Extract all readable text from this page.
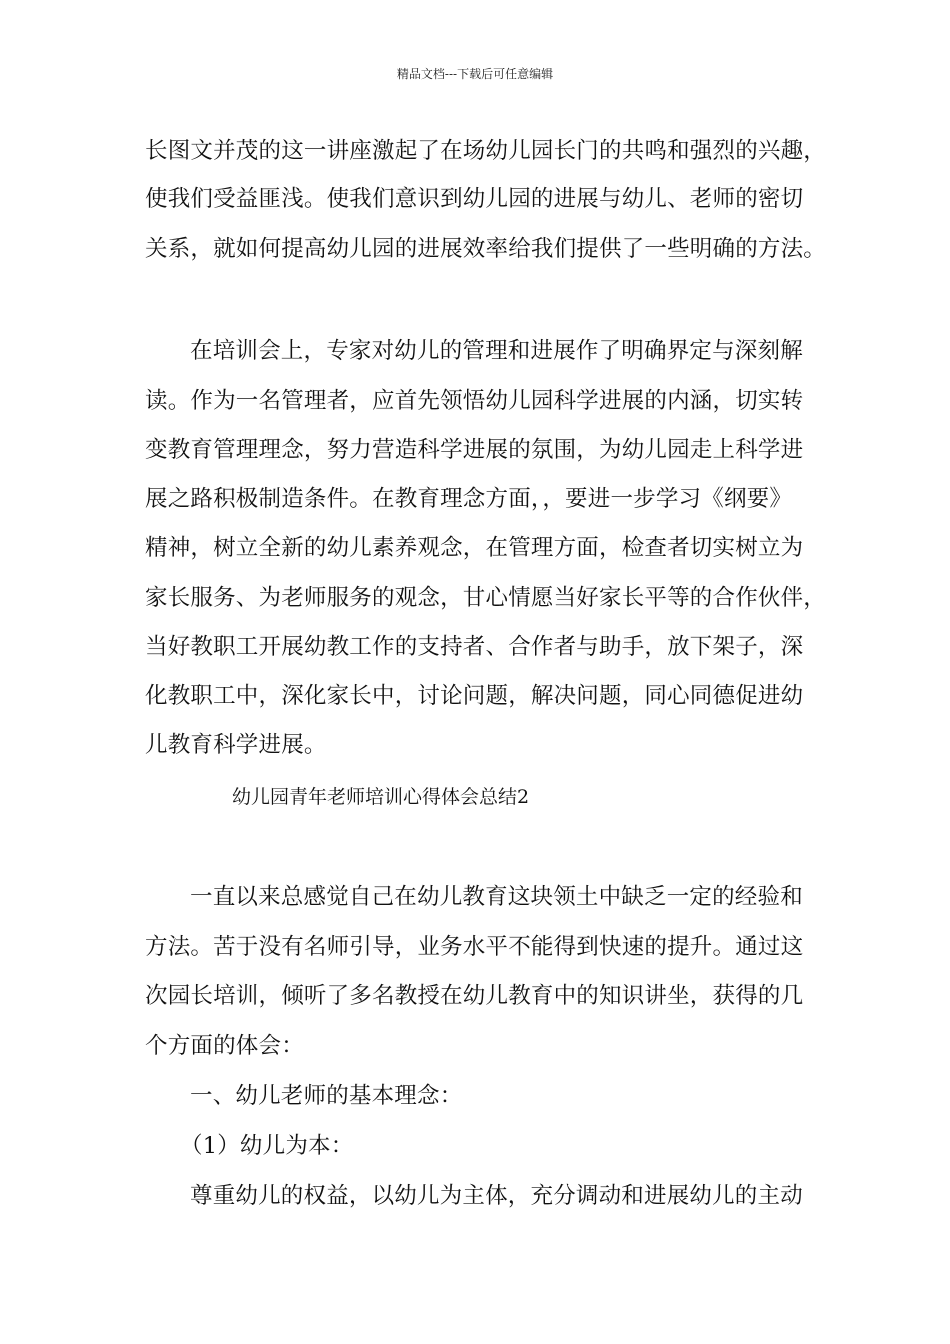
精品文档---下载后可任意编辑
长图文并茂的这一讲座激起了在场幼儿园长门的共鸣和强烈的兴趣，
使我们受益匪浅。使我们意识到幼儿园的进展与幼儿、老师的密切
关系，就如何提高幼儿园的进展效率给我们提供了一些明确的方法。
在培训会上，专家对幼儿的管理和进展作了明确界定与深刻解
读。作为一名管理者，应首先领悟幼儿园科学进展的内涵，切实转
变教育管理理念，努力营造科学进展的氛围，为幼儿园走上科学进
展之路积极制造条件。在教育理念方面，，要进一步学习《纲要》
精神，树立全新的幼儿素养观念，在管理方面，检查者切实树立为
家长服务、为老师服务的观念，甘心情愿当好家长平等的合作伙伴，
当好教职工开展幼教工作的支持者、合作者与助手，放下架子，深
化教职工中，深化家长中，讨论问题，解决问题，同心同德促进幼
儿教育科学进展。
幼儿园青年老师培训心得体会总结2
一直以来总感觉自己在幼儿教育这块领土中缺乏一定的经验和
方法。苦于没有名师引导，业务水平不能得到快速的提升。通过这
次园长培训，倾听了多名教授在幼儿教育中的知识讲坐，获得的几
个方面的体会：
一、幼儿老师的基本理念：
（1）幼儿为本：
尊重幼儿的权益，以幼儿为主体，充分调动和进展幼儿的主动
